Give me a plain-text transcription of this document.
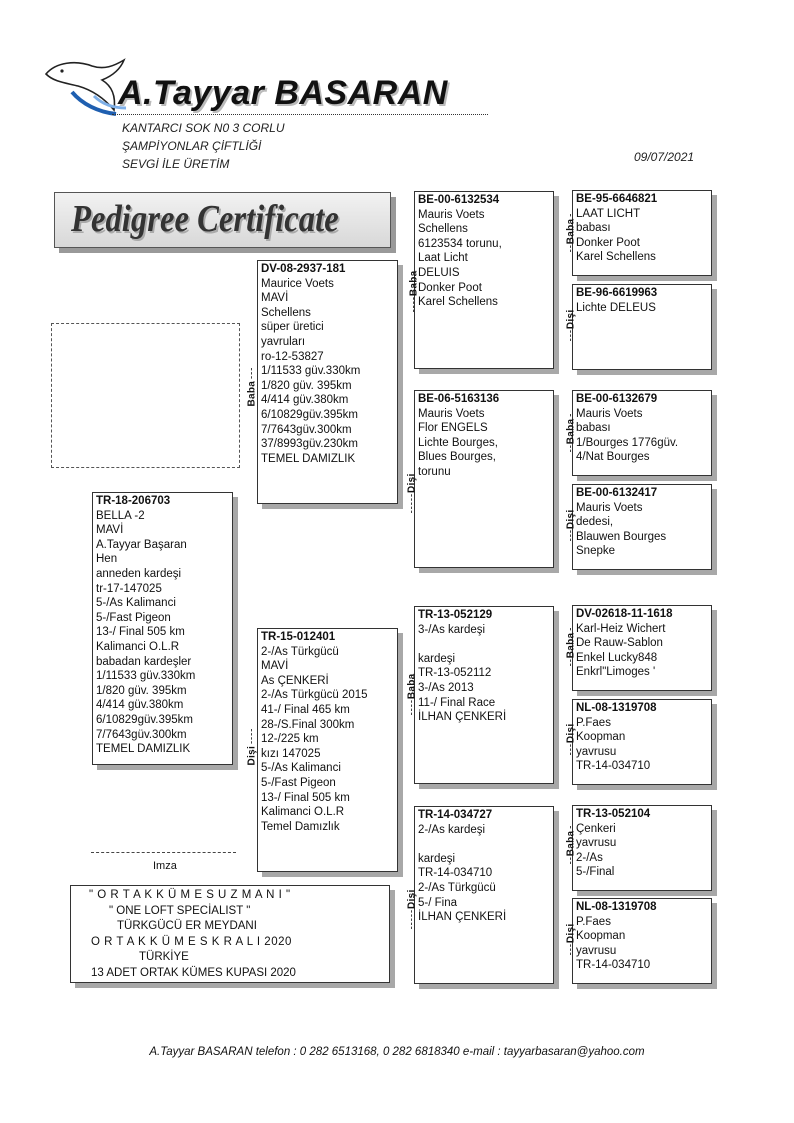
A.Tayyar BASARAN
KANTARCI SOK N0 3 CORLU
ŞAMPİYONLAR ÇİFTLİĞİ
SEVGİ İLE ÜRETİM	09/07/2021
Pedigree Certificate
TR-18-206703
BELLA -2
MAVİ
A.Tayyar Başaran
Hen
anneden kardeşi
tr-17-147025
5-/As Kalimanci
5-/Fast Pigeon
13-/ Final 505 km
Kalimanci O.L.R
babadan kardeşler
1/11533 güv.330km
1/820 güv. 395km
4/414 güv.380km
6/10829güv.395km
7/7643güv.300km
TEMEL DAMIZLIK
DV-08-2937-181
Maurice Voets
MAVİ
Schellens
süper üretici
yavruları
ro-12-53827
1/11533 güv.330km
1/820 güv. 395km
4/414 güv.380km
6/10829güv.395km
7/7643güv.300km
37/8993güv.230km
TEMEL DAMIZLIK
TR-15-012401
2-/As Türkgücü
MAVİ
As ÇENKERİ
2-/As Türkgücü 2015
41-/ Final 465 km
28-/S.Final 300km
12-/225 km
kızı 147025
5-/As Kalimanci
5-/Fast Pigeon
13-/ Final 505 km
Kalimanci O.L.R
Temel Damızlık
BE-00-6132534
Mauris Voets
Schellens
6123534 torunu,
Laat Licht
DELUIS
Donker Poot
Karel Schellens
BE-06-5163136
Mauris Voets
Flor ENGELS
Lichte Bourges,
Blues Bourges,
torunu
TR-13-052129
3-/As kardeşi

kardeşi
TR-13-052112
3-/As 2013
11-/ Final Race
İLHAN ÇENKERİ
TR-14-034727
2-/As kardeşi

kardeşi
TR-14-034710
2-/As Türkgücü
5-/ Fina
İLHAN ÇENKERİ
BE-95-6646821
LAAT LICHT
babası
Donker Poot
Karel Schellens
BE-96-6619963
Lichte DELEUS
BE-00-6132679
Mauris Voets
babası
1/Bourges 1776güv.
4/Nat Bourges
BE-00-6132417
Mauris Voets
dedesi,
Blauwen Bourges
Snepke
DV-02618-11-1618
Karl-Heiz Wichert
De Rauw-Sablon
Enkel Lucky848
Enkrl"Limoges '
NL-08-1319708
P.Faes
Koopman
yavrusu
TR-14-034710
TR-13-052104
Çenkeri
yavrusu
2-/As
5-/Final
NL-08-1319708
P.Faes
Koopman
yavrusu
TR-14-034710
Baba - - -
Dişi - - - -
- - - - Baba
- - - - - Dişi
- - - - Baba
- - - - - Dişi
- - Baba -
- - - Dişi
- - Baba -
- - - Dişi
- - Baba -
- - - Dişi
- - Baba -
- - - Dişi
Imza
" O R T A K K Ü M E S U Z M A N I "
" ONE LOFT SPECİALIST "
TÜRKGÜCÜ ER MEYDANI
O R T A K K Ü M E S K R A L I 2020
TÜRKİYE
13 ADET ORTAK KÜMES KUPASI 2020
A.Tayyar BASARAN telefon : 0 282 6513168, 0 282 6818340 e-mail : tayyarbasaran@yahoo.com
